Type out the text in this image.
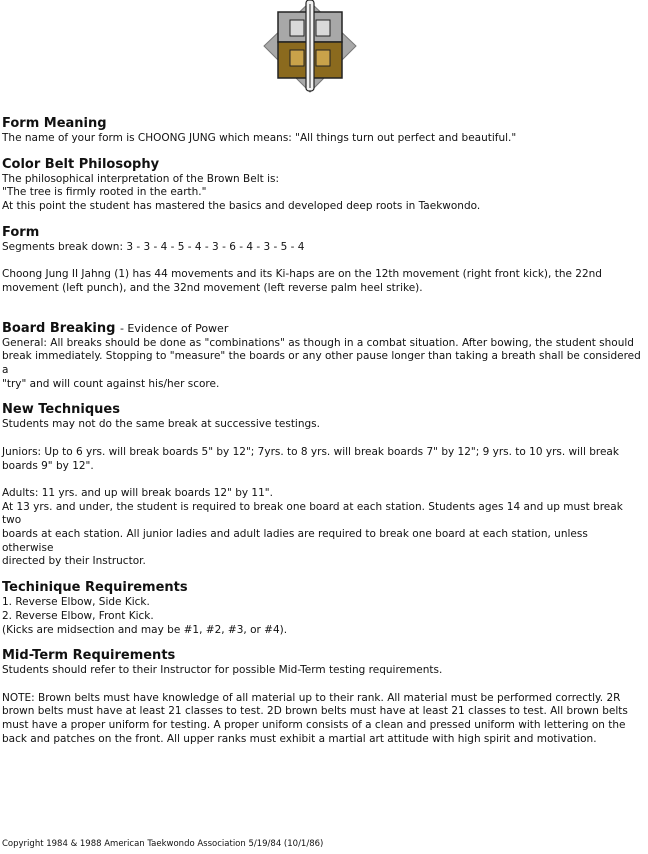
Form Meaning

The name of your form is CHOONG JUNG which means: "All things turn out perfect and beautiful."

Color Belt Philosophy

The philosophical interpretation of the Brown Belt is:

"The tree is firmly rooted in the earth."

At this point the student has mastered the basics and developed deep roots in Taekwondo.

Form

Segments break down: 3 - 3 - 4 - 5 - 4 - 3 - 6 - 4 - 3 - 5 - 4

Choong Jung II Jahng (1) has 44 movements and its Ki-haps are on the 12th movement (right front kick), the 22nd

movement (left punch), and the 32nd movement (left reverse palm heel strike).

Board Breaking - Evidence of Power

General: All breaks should be done as "combinations" as though in a combat situation. After bowing, the student should

break immediately. Stopping to "measure" the boards or any other pause longer than taking a breath shall be considered a

"try" and will count against his/her score.

New Techniques

Students may not do the same break at successive testings.

Juniors: Up to 6 yrs. will break boards 5" by 12"; 7yrs. to 8 yrs. will break boards 7" by 12"; 9 yrs. to 10 yrs. will break

boards 9" by 12".

Adults: 11 yrs. and up will break boards 12" by 11".

At 13 yrs. and under, the student is required to break one board at each station. Students ages 14 and up must break two

boards at each station. All junior ladies and adult ladies are required to break one board at each station, unless otherwise

directed by their Instructor.

Techinique Requirements

1. Reverse Elbow, Side Kick.

2. Reverse Elbow, Front Kick.

(Kicks are midsection and may be #1, #2, #3, or #4).

Mid-Term Requirements

Students should refer to their Instructor for possible Mid-Term testing requirements.

NOTE: Brown belts must have knowledge of all material up to their rank. All material must be performed correctly. 2R

brown belts must have at least 21 classes to test. 2D brown belts must have at least 21 classes to test. All brown belts

must have a proper uniform for testing. A proper uniform consists of a clean and pressed uniform with lettering on the

back and patches on the front. All upper ranks must exhibit a martial art attitude with high spirit and motivation.

Copyright 1984 & 1988 American Taekwondo Association 5/19/84 (10/1/86)
